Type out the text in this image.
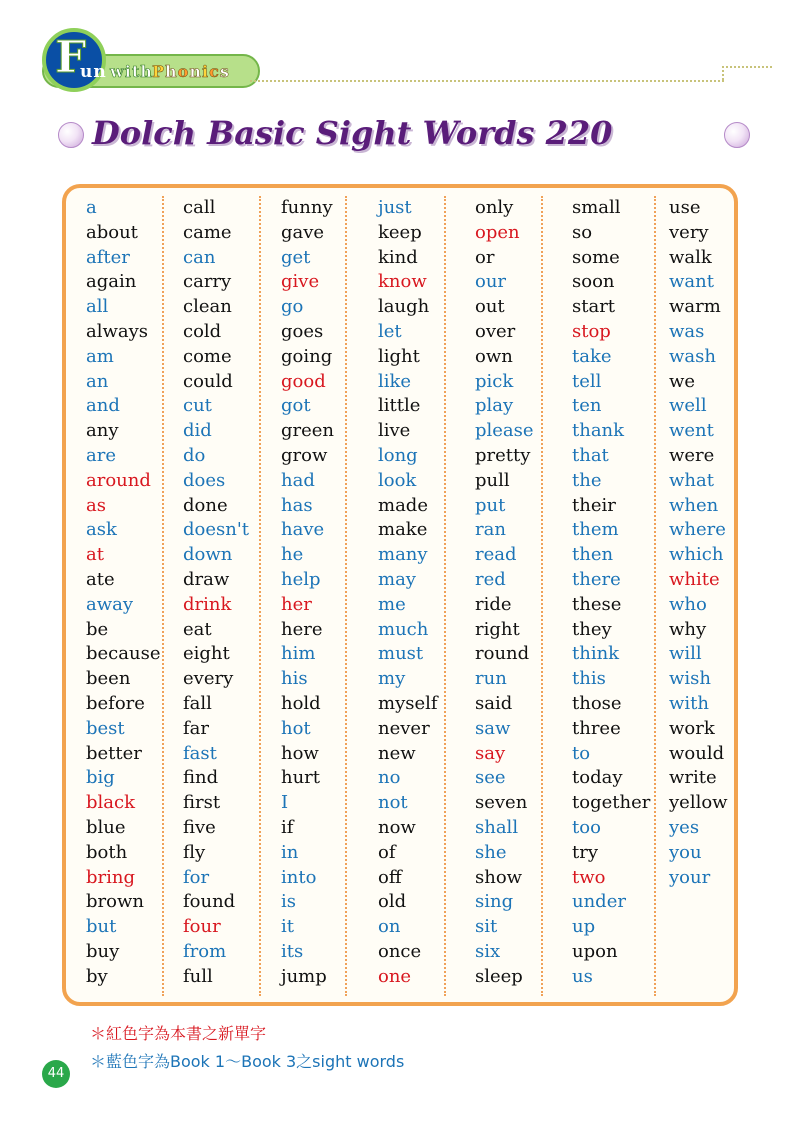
F
un with Phonics
Dolch Basic Sight Words 220
a
about
after
again
all
always
am
an
and
any
are
around
as
ask
at
ate
away
be
because
been
before
best
better
big
black
blue
both
bring
brown
but
buy
by
call
came
can
carry
clean
cold
come
could
cut
did
do
does
done
doesn't
down
draw
drink
eat
eight
every
fall
far
fast
find
first
five
fly
for
found
four
from
full
funny
gave
get
give
go
goes
going
good
got
green
grow
had
has
have
he
help
her
here
him
his
hold
hot
how
hurt
I
if
in
into
is
it
its
jump
just
keep
kind
know
laugh
let
light
like
little
live
long
look
made
make
many
may
me
much
must
my
myself
never
new
no
not
now
of
off
old
on
once
one
only
open
or
our
out
over
own
pick
play
please
pretty
pull
put
ran
read
red
ride
right
round
run
said
saw
say
see
seven
shall
she
show
sing
sit
six
sleep
small
so
some
soon
start
stop
take
tell
ten
thank
that
the
their
them
then
there
these
they
think
this
those
three
to
today
together
too
try
two
under
up
upon
us
use
very
walk
want
warm
was
wash
we
well
went
were
what
when
where
which
white
who
why
will
wish
with
work
would
write
yellow
yes
you
your
＊紅色字為本書之新單字
＊藍色字為Book 1～Book 3之sight words
44
